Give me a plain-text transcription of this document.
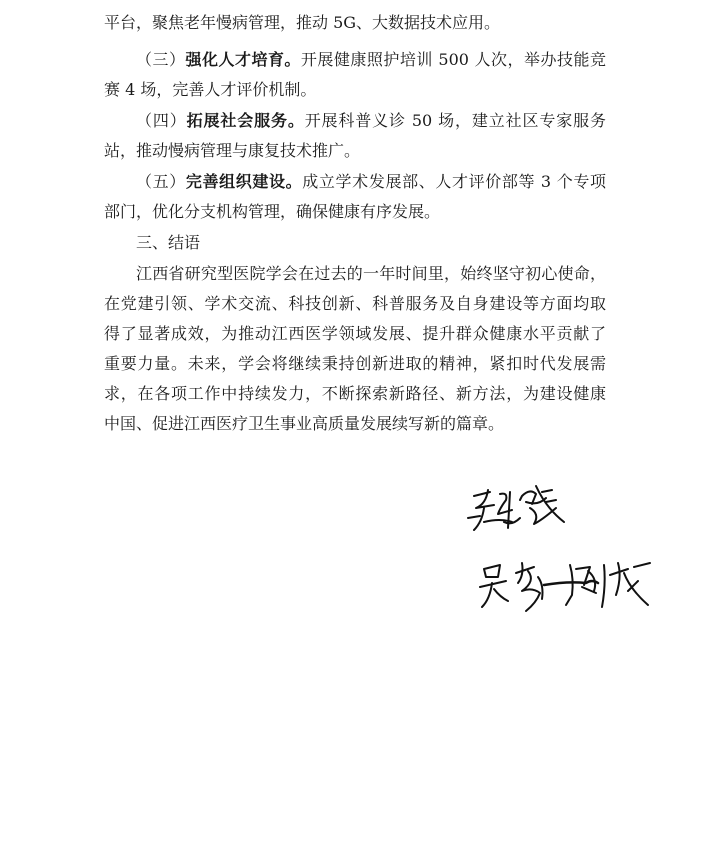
平台，聚焦老年慢病管理，推动 5G、大数据技术应用。
（三）强化人才培育。开展健康照护培训 500 人次，举办技能竞
赛 4 场，完善人才评价机制。
（四）拓展社会服务。开展科普义诊 50 场，建立社区专家服务
站，推动慢病管理与康复技术推广。
（五）完善组织建设。成立学术发展部、人才评价部等 3 个专项
部门，优化分支机构管理，确保健康有序发展。
三、结语
江西省研究型医院学会在过去的一年时间里，始终坚守初心使命，
在党建引领、学术交流、科技创新、科普服务及自身建设等方面均取
得了显著成效，为推动江西医学领域发展、提升群众健康水平贡献了
重要力量。未来，学会将继续秉持创新进取的精神，紧扣时代发展需
求，在各项工作中持续发力，不断探索新路径、新方法，为建设健康
中国、促进江西医疗卫生事业高质量发展续写新的篇章。
